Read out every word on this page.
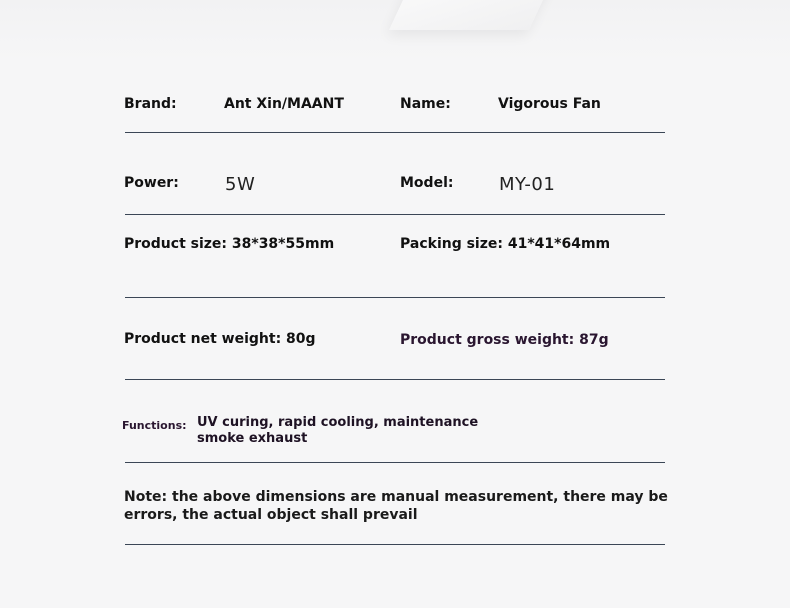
Brand:	Ant Xin/MAANT	Name:	Vigorous Fan
Power:	5W	Model:	MY-01
Product size: 38*38*55mm	Packing size: 41*41*64mm
Product net weight: 80g	Product gross weight: 87g
Functions: UV curing, rapid cooling, maintenance
smoke exhaust
Note: the above dimensions are manual measurement, there may be errors, the actual object shall prevail
